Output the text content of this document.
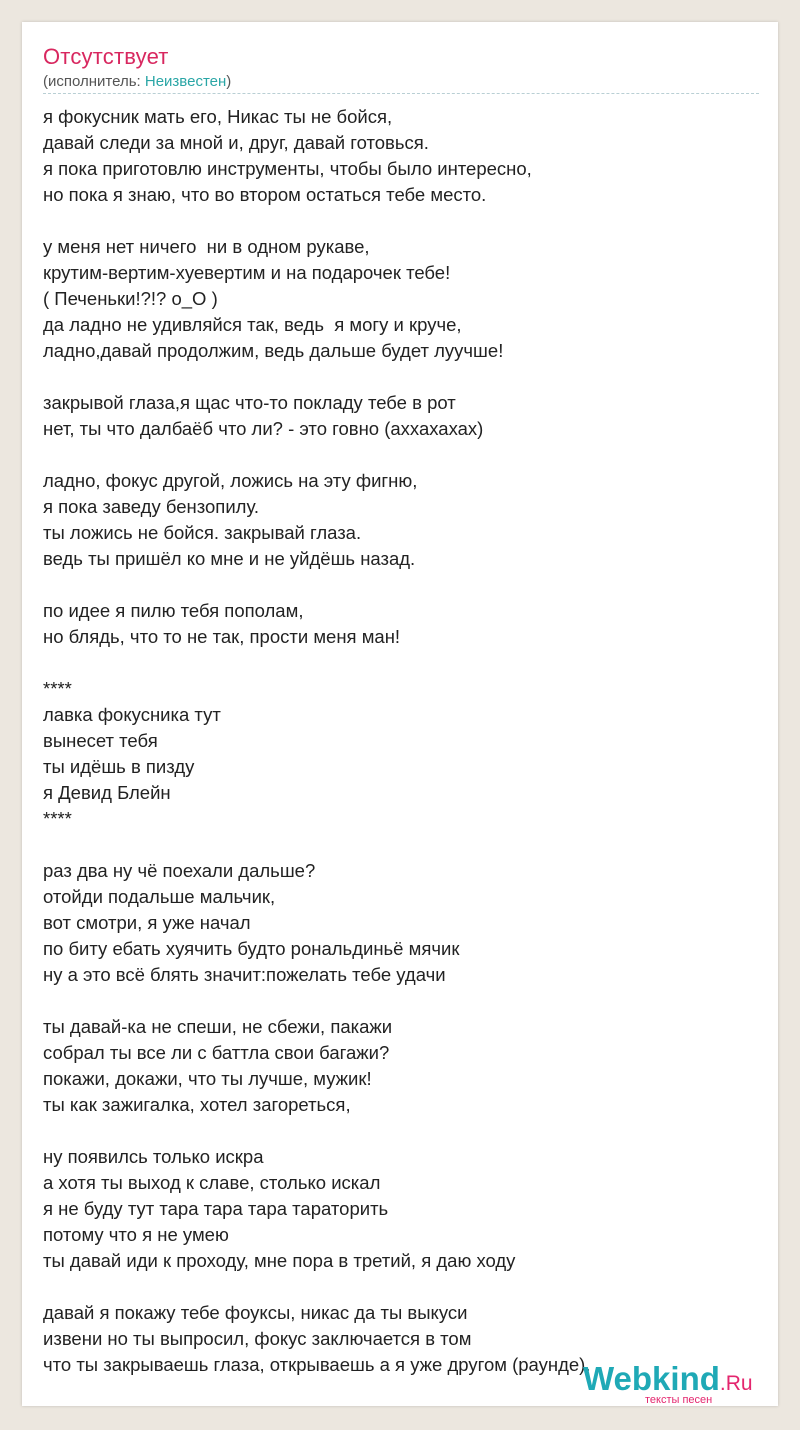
Отсутствует
(исполнитель: Неизвестен)
я фокусник мать его, Никас ты не бойся,
давай следи за мной и, друг, давай готовься.
я пока приготовлю инструменты, чтобы было интересно,
но пока я знаю, что во втором остаться тебе место.
у меня нет ничего  ни в одном рукаве,
крутим-вертим-хуевертим и на подарочек тебе!
( Печеньки!?!? о_О )
да ладно не удивляйся так, ведь  я могу и круче,
ладно,давай продолжим, ведь дальше будет луучше!
закрывой глаза,я щас что-то покладу тебе в рот
нет, ты что далбаёб что ли? - это говно (аххахахах)
ладно, фокус другой, ложись на эту фигню,
я пока заведу бензопилу.
ты ложись не бойся. закрывай глаза.
ведь ты пришёл ко мне и не уйдёшь назад.
по идее я пилю тебя пополам,
но блядь, что то не так, прости меня ман!
****
лавка фокусника тут
вынесет тебя
ты идёшь в пизду
я Девид Блейн
****
раз два ну чё поехали дальше?
отойди подальше мальчик,
вот смотри, я уже начал
по биту ебать хуячить будто рональдиньё мячик
ну а это всё блять значит:пожелать тебе удачи
ты давай-ка не спеши, не сбежи, пакажи
собрал ты все ли с баттла свои багажи?
покажи, докажи, что ты лучше, мужик!
ты как зажигалка, хотел загореться,
ну появилсь только искра
а хотя ты выход к славе, столько искал
я не буду тут тара тара тара тараторить
потому что я не умею
ты давай иди к проходу, мне пора в третий, я даю ходу
давай я покажу тебе фоуксы, никас да ты выкуси
извени но ты выпросил, фокус заключается в том
что ты закрываешь глаза, открываешь а я уже другом (раунде).
Webkind.Ru
тексты песен
